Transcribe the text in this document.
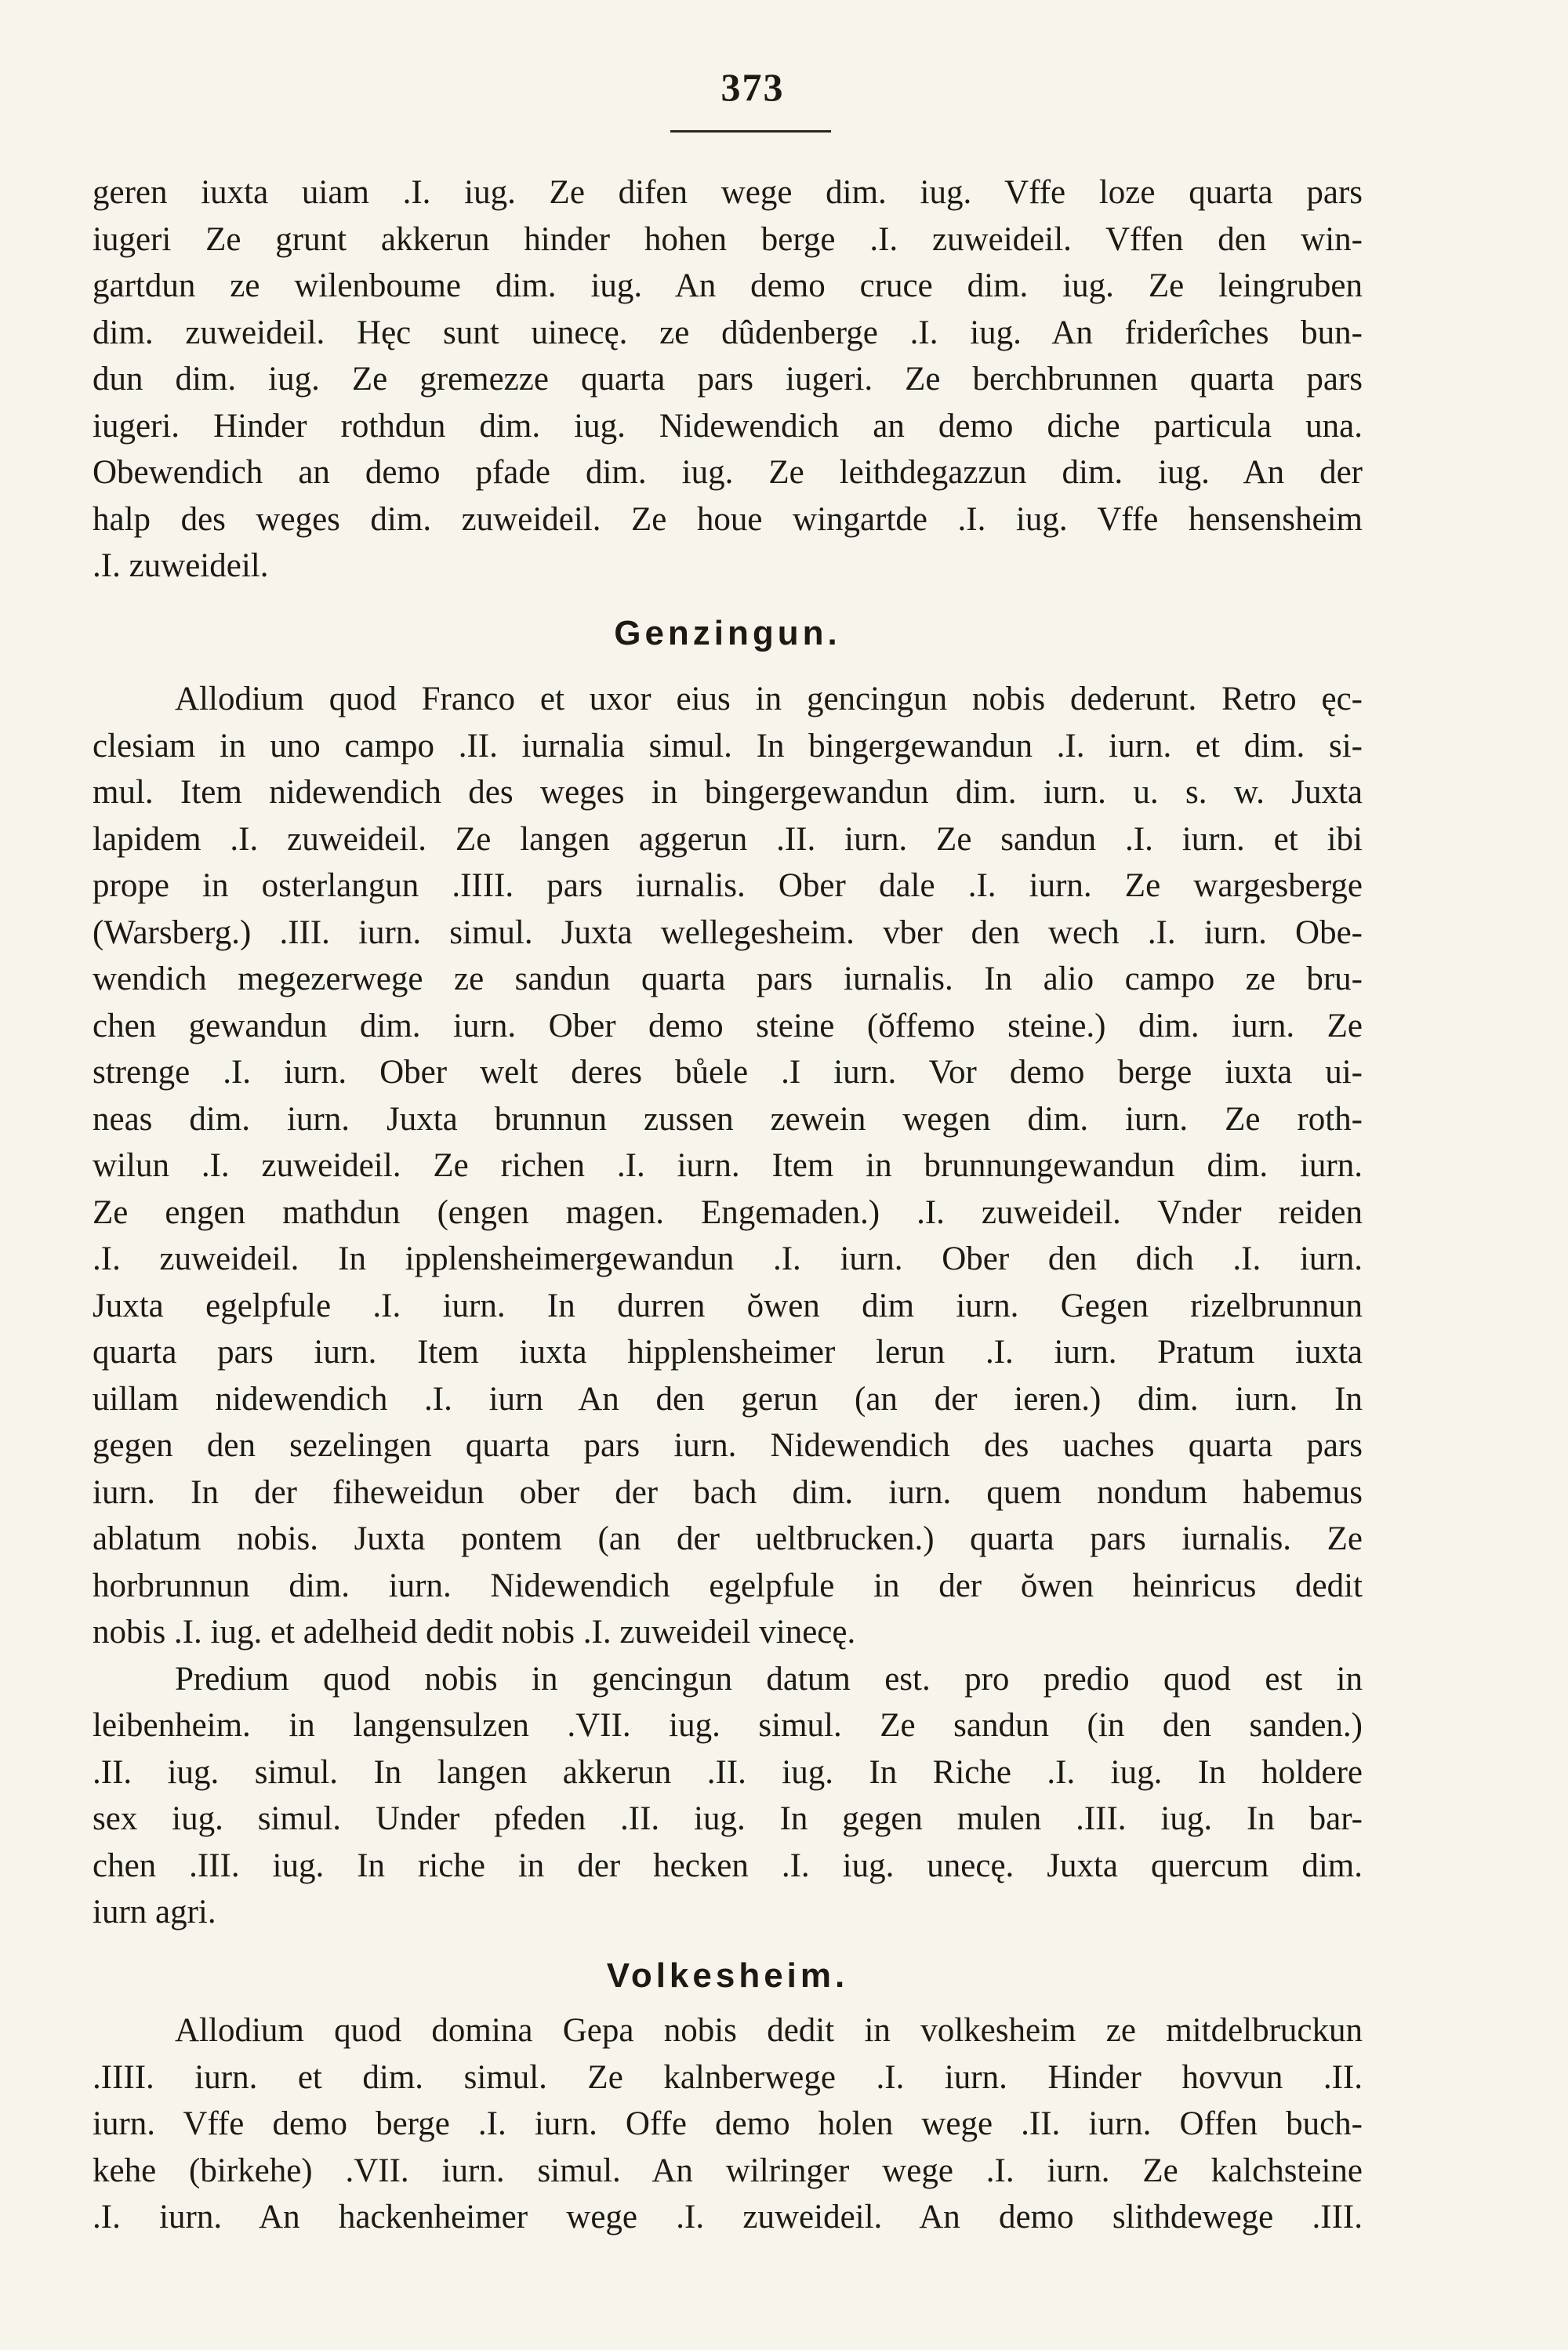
373
geren iuxta uiam .I. iug. Ze difen wege dim. iug. Vffe loze quarta pars
iugeri Ze grunt akkerun hinder hohen berge .I. zuweideil. Vffen den win-
gartdun ze wilenboume dim. iug. An demo cruce dim. iug. Ze leingruben
dim. zuweideil. Hęc sunt uinecę. ze dûdenberge .I. iug. An friderîches bun-
dun dim. iug. Ze gremezze quarta pars iugeri. Ze berchbrunnen quarta pars
iugeri. Hinder rothdun dim. iug. Nidewendich an demo diche particula una.
Obewendich an demo pfade dim. iug. Ze leithdegazzun dim. iug. An der
halp des weges dim. zuweideil. Ze houe wingartde .I. iug. Vffe hensensheim
.I. zuweideil.
Genzingun.
Allodium quod Franco et uxor eius in gencingun nobis dederunt. Retro ęc-
clesiam in uno campo .II. iurnalia simul. In bingergewandun .I. iurn. et dim. si-
mul. Item nidewendich des weges in bingergewandun dim. iurn. u. s. w. Juxta
lapidem .I. zuweideil. Ze langen aggerun .II. iurn. Ze sandun .I. iurn. et ibi
prope in osterlangun .IIII. pars iurnalis. Ober dale .I. iurn. Ze wargesberge
(Warsberg.) .III. iurn. simul. Juxta wellegesheim. vber den wech .I. iurn. Obe-
wendich megezerwege ze sandun quarta pars iurnalis. In alio campo ze bru-
chen gewandun dim. iurn. Ober demo steine (ŏffemo steine.) dim. iurn. Ze
strenge .I. iurn. Ober welt deres bůele .I iurn. Vor demo berge iuxta ui-
neas dim. iurn. Juxta brunnun zussen zewein wegen dim. iurn. Ze roth-
wilun .I. zuweideil. Ze richen .I. iurn. Item in brunnungewandun dim. iurn.
Ze engen mathdun (engen magen. Engemaden.) .I. zuweideil. Vnder reiden
.I. zuweideil. In ipplensheimergewandun .I. iurn. Ober den dich .I. iurn.
Juxta egelpfule .I. iurn. In durren ŏwen dim iurn. Gegen rizelbrunnun
quarta pars iurn. Item iuxta hipplensheimer lerun .I. iurn. Pratum iuxta
uillam nidewendich .I. iurn An den gerun (an der ieren.) dim. iurn. In
gegen den sezelingen quarta pars iurn. Nidewendich des uaches quarta pars
iurn. In der fiheweidun ober der bach dim. iurn. quem nondum habemus
ablatum nobis. Juxta pontem (an der ueltbrucken.) quarta pars iurnalis. Ze
horbrunnun dim. iurn. Nidewendich egelpfule in der ŏwen heinricus dedit
nobis .I. iug. et adelheid dedit nobis .I. zuweideil vinecę.
Predium quod nobis in gencingun datum est. pro predio quod est in
leibenheim. in langensulzen .VII. iug. simul. Ze sandun (in den sanden.)
.II. iug. simul. In langen akkerun .II. iug. In Riche .I. iug. In holdere
sex iug. simul. Under pfeden .II. iug. In gegen mulen .III. iug. In bar-
chen .III. iug. In riche in der hecken .I. iug. unecę. Juxta quercum dim.
iurn agri.
Volkesheim.
Allodium quod domina Gepa nobis dedit in volkesheim ze mitdelbruckun
.IIII. iurn. et dim. simul. Ze kalnberwege .I. iurn. Hinder hovvun .II.
iurn. Vffe demo berge .I. iurn. Offe demo holen wege .II. iurn. Offen buch-
kehe (birkehe) .VII. iurn. simul. An wilringer wege .I. iurn. Ze kalchsteine
.I. iurn. An hackenheimer wege .I. zuweideil. An demo slithdewege .III.
